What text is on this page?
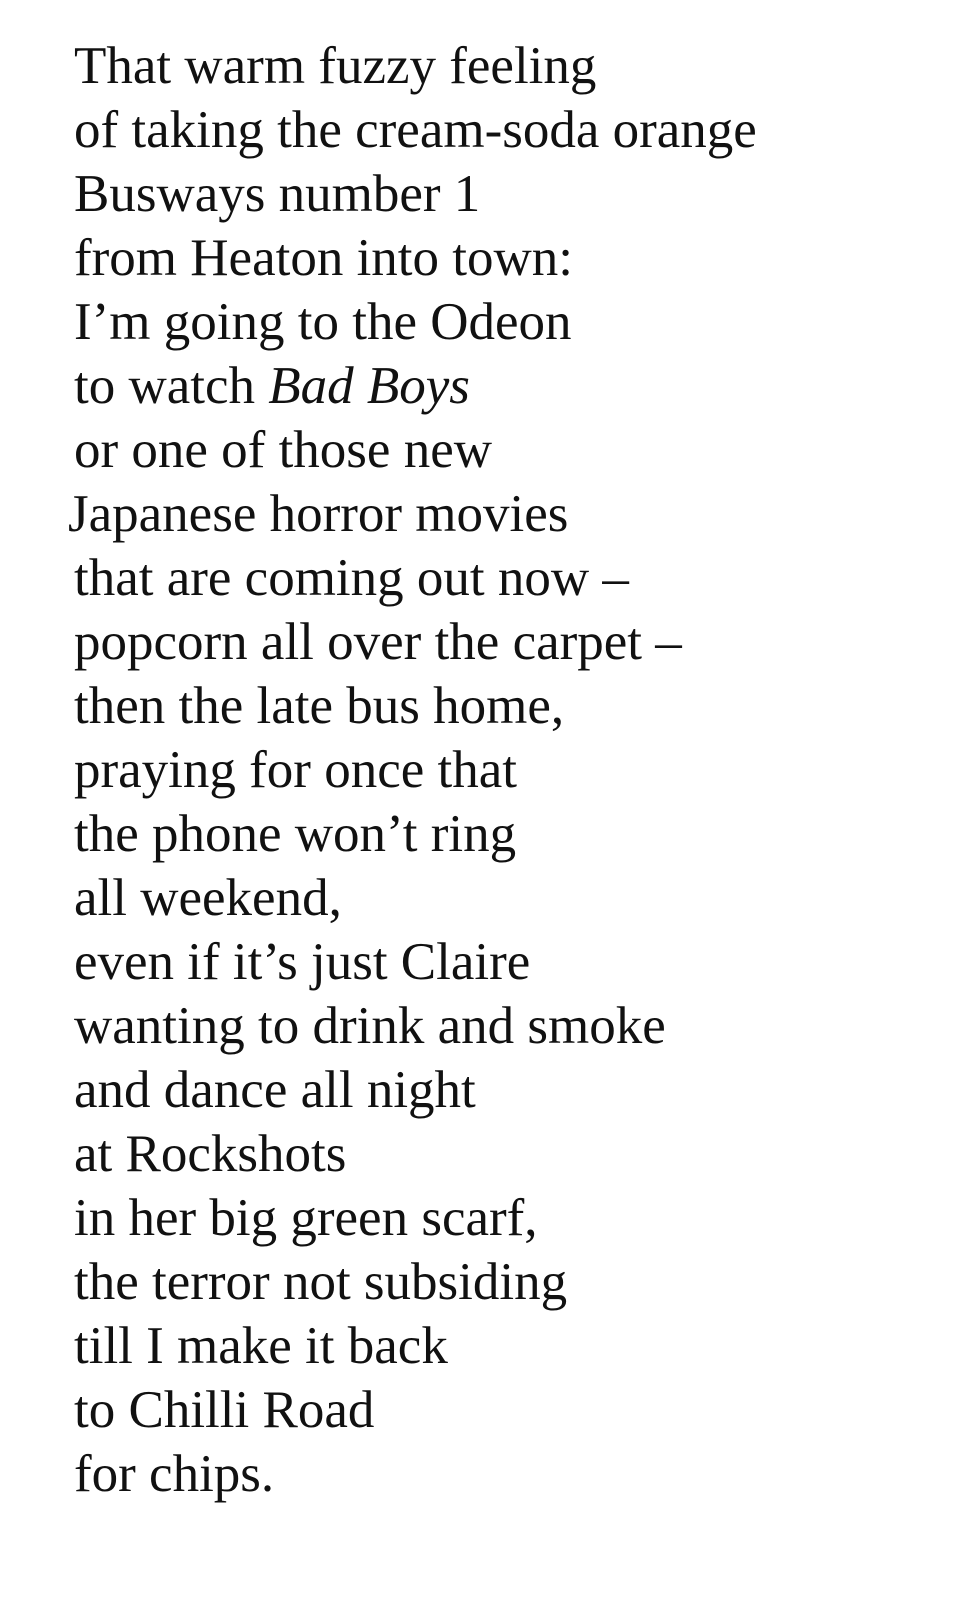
That warm fuzzy feeling
of taking the cream-soda orange
Busways number 1
from Heaton into town:
I’m going to the Odeon
to watch Bad Boys
or one of those new
Japanese horror movies
that are coming out now –
popcorn all over the carpet –
then the late bus home,
praying for once that
the phone won’t ring
all weekend,
even if it’s just Claire
wanting to drink and smoke
and dance all night
at Rockshots
in her big green scarf,
the terror not subsiding
till I make it back
to Chilli Road
for chips.
